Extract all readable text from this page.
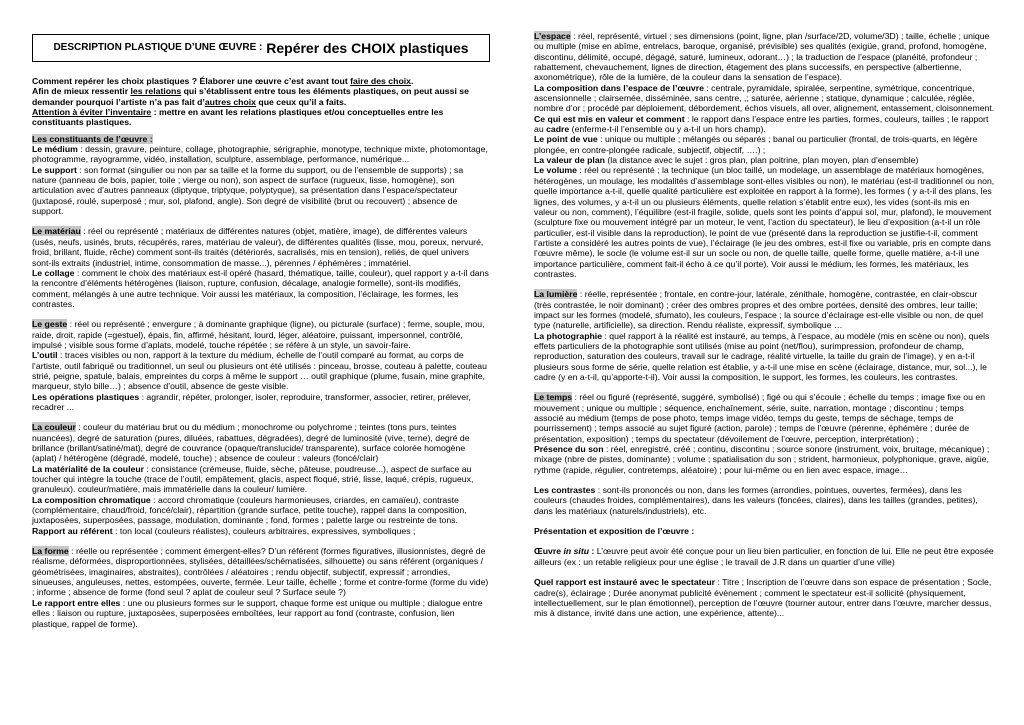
DESCRIPTION PLASTIQUE D’UNE ŒUVRE : Repérer des CHOIX plastiques

Comment repérer les choix plastiques ? Élaborer une œuvre c’est avant tout faire des choix.
Afin de mieux ressentir les relations qui s’établissent entre tous les éléments plastiques, on peut aussi se demander pourquoi l’artiste n’a pas fait d’autres choix que ceux qu’il a faits.
Attention à éviter l’inventaire : mettre en avant les relations plastiques et/ou conceptuelles entre les constituants plastiques.

Les constituants de l’œuvre :
Le médium : dessin, gravure, peinture, collage, photographie, sérigraphie, monotype, technique mixte, photomontage, photogramme, rayogramme, vidéo, installation, sculpture, assemblage, performance, numérique...
Le support : son format (singulier ou non par sa taille et la forme du support, ou de l’ensemble de supports) ; sa nature (panneau de bois, papier, toile ; vierge ou non), son aspect de surface (rugueux, lisse, homogène), son articulation avec d’autres panneaux (diptyque, triptyque, polyptyque), sa présentation dans l’espace/spectateur (juxtaposé, roulé, superposé ; mur, sol, plafond, angle). Son degré de visibilité (brut ou recouvert) ; absence de support.

Le matériau : réel ou représenté ; matériaux de différentes natures (objet, matière, image), de différentes valeurs (usés, neufs, usinés, bruts, récupérés, rares, matériau de valeur), de différentes qualités (lisse, mou, poreux, nervuré, froid, brillant, fluide, rêche) comment sont-ils traités (détériorés, sacralisés, mis en tension), reliés, de quel univers sont-ils extraits (industriel, intime, consommation de masse...), pérennes / éphémères ; immatériel.
Le collage : comment le choix des matériaux est-il opéré (hasard, thématique, taille, couleur), quel rapport y a-t-il dans la rencontre d’éléments hétérogènes (liaison, rupture, confusion, décalage, analogie formelle), sont-ils modifiés, comment, mélangés à une autre technique. Voir aussi les matériaux, la composition, l’éclairage, les formes, les contrastes.

Le geste : réel ou représenté ; envergure ; à dominante graphique (ligne), ou picturale (surface) ; ferme, souple, mou, raide, droit, rapide (=gestuel), épais, fin, affirmé, hésitant, lourd, léger, aléatoire, puissant, impersonnel, contrôlé, impulsé ; visible sous forme d’aplats, modelé, touche répétée ; se réfère à un style, un savoir-faire.
L’outil : traces visibles ou non, rapport à la texture du médium, échelle de l’outil comparé au format, au corps de l’artiste, outil fabriqué ou traditionnel, un seul ou plusieurs ont été utilisés : pinceau, brosse, couteau à palette, couteau strié, peigne, spatule, balais, empreintes du corps à même le support … outil graphique (plume, fusain, mine graphite, marqueur, stylo bille…) ; absence d’outil, absence de geste visible.
Les opérations plastiques : agrandir, répéter, prolonger, isoler, reproduire, transformer, associer, retirer, prélever, recadrer ...

La couleur : couleur du matériau brut ou du médium ; monochrome ou polychrome ; teintes (tons purs, teintes nuancées), degré de saturation (pures, diluées, rabattues, dégradées), degré de luminosité (vive, terne), degré de brillance (brillant/satiné/mat), degré de couvrance (opaque/translucide/ transparente), surface colorée homogène (aplat) / hétérogène (dégradé, modelé, touche) ; absence de couleur : valeurs (foncé/clair)
La matérialité de la couleur : consistance (crémeuse, fluide, sèche, pâteuse, poudreuse...), aspect de surface au toucher qui intègre la touche (trace de l’outil, empâtement, glacis, aspect floqué, strié, lisse, laqué, crépis, rugueux, granuleux). couleur/matière, mais immatérielle dans la couleur/ lumière.
La composition chromatique : accord chromatique (couleurs harmonieuses, criardes, en camaïeu), contraste (complémentaire, chaud/froid, foncé/clair), répartition (grande surface, petite touche), rappel dans la composition, juxtaposées, superposées, passage, modulation, dominante ; fond, formes ; palette large ou restreinte de tons.
Rapport au référent : ton local (couleurs réalistes), couleurs arbitraires, expressives, symboliques ;

La forme : réelle ou représentée ; comment émergent-elles? D’un référent (formes figuratives, illusionnistes, degré de réalisme, déformées, disproportionnées, stylisées, détaillées/schématisées, silhouette) ou sans référent (organiques / géométrisées, imaginaires, abstraites), contrôlées / aléatoires ; rendu objectif, subjectif, expressif ; arrondies, sinueuses, anguleuses, nettes, estompées, ouverte, fermée. Leur taille, échelle ; forme et contre-forme (forme du vide) ; informe ; absence de forme (fond seul ? aplat de couleur seul ? Surface seule ?)
Le rapport entre elles : une ou plusieurs formes sur le support, chaque forme est unique ou multiple ; dialogue entre elles : liaison ou rupture, juxtaposées, superposées emboîtées, leur rapport au fond (contraste, confusion, lien plastique, rappel de forme).

L’espace : réel, représenté, virtuel ; ses dimensions (point, ligne, plan /surface/2D, volume/3D) ; taille, échelle ; unique ou multiple (mise en abîme, entrelacs, baroque, organisé, prévisible) ses qualités (exigüe, grand, profond, homogène, discontinu, délimité, occupé, dégagé, saturé, lumineux, odorant…) ; la traduction de l’espace (planéité, profondeur ; rabattement, chevauchement, lignes de direction, étagement des plans successifs, en perspective (albertienne, axonométrique), rôle de la lumière, de la couleur dans la sensation de l’espace).
La composition dans l’espace de l’œuvre : centrale, pyramidale, spiralée, serpentine, symétrique, concentrique, ascensionnelle ; clairsemée, disséminée, sans centre, ,; saturée, aérienne ; statique, dynamique ; calculée, réglée, nombre d’or ; procédé par déploiement, débordement, échos visuels, all over, alignement, entassement, cloisonnement.
Ce qui est mis en valeur et comment : le rapport dans l’espace entre les parties, formes, couleurs, tailles ; le rapport au cadre (enferme-t-il l’ensemble ou y a-t-il un hors champ).
Le point de vue : unique ou multiple ; mélangés ou séparés ; banal ou particulier (frontal, de trois-quarts, en légère plongée, en contre-plongée radicale, subjectif, objectif, ….) ;
La valeur de plan (la distance avec le sujet : gros plan, plan poitrine, plan moyen, plan d’ensemble)
Le volume : réel ou représenté ; la technique (un bloc taillé, un modelage, un assemblage de matériaux homogènes, hétérogènes, un moulage, les modalités d’assemblage sont-elles visibles ou non), le matériau (est-il traditionnel ou non, quelle importance a-t-il, quelle qualité particulière est exploitée en rapport à la forme), les formes ( y a-t-il des plans, les lignes, des volumes, y a-t-il un ou plusieurs éléments, quelle relation s’établit entre eux), les vides (sont-ils mis en valeur ou non, comment), l’équilibre (est-il fragile, solide, quels sont les points d’appui sol, mur, plafond), le mouvement (sculpture fixe ou mouvement intégré par un moteur, le vent, l’action du spectateur), le lieu d’exposition (a-t-il un rôle particulier, est-il visible dans la reproduction), le point de vue (présenté dans la reproduction se justifie-t-il, comment l’artiste a considéré les autres points de vue), l’éclairage (le jeu des ombres, est-il fixe ou variable, pris en compte dans l’œuvre même), le socle (le volume est-il sur un socle ou non, de quelle taille, quelle forme, quelle matière, a-t-il une importance particulière, comment fait-il écho à ce qu’il porte). Voir aussi le médium, les formes, les matériaux, les contrastes.

La lumière : réelle, représentée ; frontale, en contre-jour, latérale, zénithale, homogène, contrastée, en clair-obscur (très contrastée, le noir dominant) ; créer des ombres propres et des ombre portées, densité des ombres, leur taille; impact sur les formes (modelé, sfumato), les couleurs, l’espace ; la source d’éclairage est-elle visible ou non, de quel type (naturelle, artificielle), sa direction. Rendu réaliste, expressif, symbolique …
La photographie : quel rapport à la réalité est instauré, au temps, à l’espace, au modèle (mis en scène ou non), quels effets particuliers de la photographie sont utilisés (mise au point (net/flou), surimpression, profondeur de champ, reproduction, saturation des couleurs, travail sur le cadrage, réalité virtuelle, la taille du grain de l’image), y en a-t-il plusieurs sous forme de série, quelle relation est établie, y a-t-il une mise en scène (éclairage, distance, mur, sol...), le cadre (y en a-t-il, qu’apporte-t-il). Voir aussi la composition, le support, les formes, les couleurs, les contrastes.

Le temps : réel ou figuré (représenté, suggéré, symbolisé) ; figé ou qui s’écoule ; échelle du temps ; image fixe ou en mouvement ; unique ou multiple ; séquence, enchaînement, série, suite, narration, montage ; discontinu ; temps associé au médium (temps de pose photo, temps image vidéo, temps du geste, temps de séchage, temps de pourrissement) ; temps associé au sujet figuré (action, parole) ; temps de l’œuvre (pérenne, éphémère ; durée de présentation, exposition) ; temps du spectateur (dévoilement de l’œuvre, perception, interprétation) ;
Présence du son : réel, enregistré, créé ; continu, discontinu ; source sonore (instrument, voix, bruitage, mécanique) ; mixage (nbre de pistes, dominante) ; volume ; spatialisation du son ; strident, harmonieux, polyphonique, grave, aigüe, rythme (rapide, régulier, contretemps, aléatoire) ; pour lui-même ou en lien avec espace, image…

Les contrastes : sont-ils prononcés ou non, dans les formes (arrondies, pointues, ouvertes, fermées), dans les couleurs (chaudes froides, complémentaires), dans les valeurs (foncées, claires), dans les tailles (grandes, petites), dans les matériaux (naturels/industriels), etc.

Présentation et exposition de l’œuvre :

Œuvre in situ : L’œuvre peut avoir été conçue pour un lieu bien particulier, en fonction de lui. Elle ne peut être exposée ailleurs (ex : un retable religieux pour une église ; le travail de J.R dans un quartier d’une ville)

Quel rapport est instauré avec le spectateur : Titre ; Inscription de l’œuvre dans son espace de présentation ; Socle, cadre(s), éclairage ; Durée anonymat publicité évènement ; comment le spectateur est-il sollicité (physiquement, intellectuellement, sur le plan émotionnel), perception de l’œuvre (tourner autour, entrer dans l’œuvre, marcher dessus, mis à distance, invité dans une action, une expérience, attente)...
